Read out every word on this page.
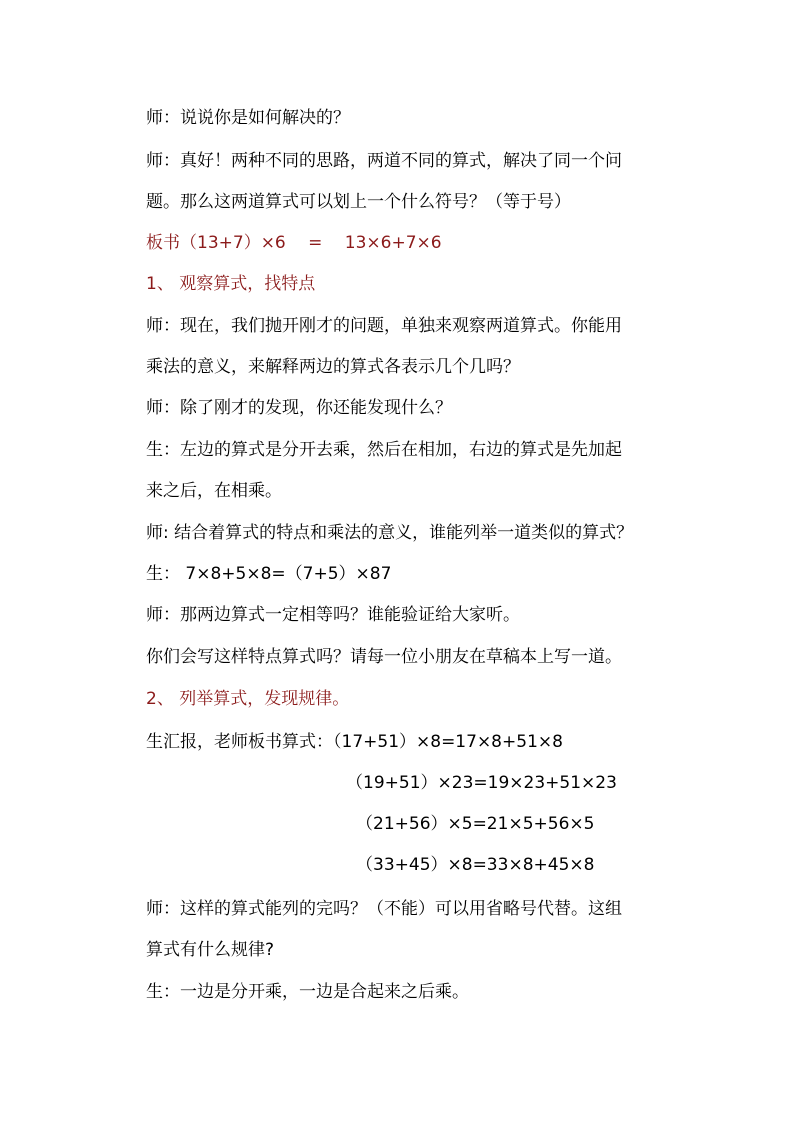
师：说说你是如何解决的？
师：真好！两种不同的思路，两道不同的算式，解决了同一个问
题。那么这两道算式可以划上一个什么符号？（等于号）
板书（13+7）×6　 =　 13×6+7×6
1、 观察算式，找特点
师：现在，我们抛开刚才的问题，单独来观察两道算式。你能用
乘法的意义，来解释两边的算式各表示几个几吗？
师：除了刚才的发现，你还能发现什么？
生：左边的算式是分开去乘，然后在相加，右边的算式是先加起
来之后，在相乘。
师: 结合着算式的特点和乘法的意义，谁能列举一道类似的算式？
生： 7×8+5×8=（7+5）×87
师：那两边算式一定相等吗？谁能验证给大家听。
你们会写这样特点算式吗？请每一位小朋友在草稿本上写一道。
2、 列举算式，发现规律。
生汇报，老师板书算式：（17+51）×8=17×8+51×8
（19+51）×23=19×23+51×23
（21+56）×5=21×5+56×5
（33+45）×8=33×8+45×8
师：这样的算式能列的完吗？（不能）可以用省略号代替。这组
算式有什么规律?
生：一边是分开乘，一边是合起来之后乘。
